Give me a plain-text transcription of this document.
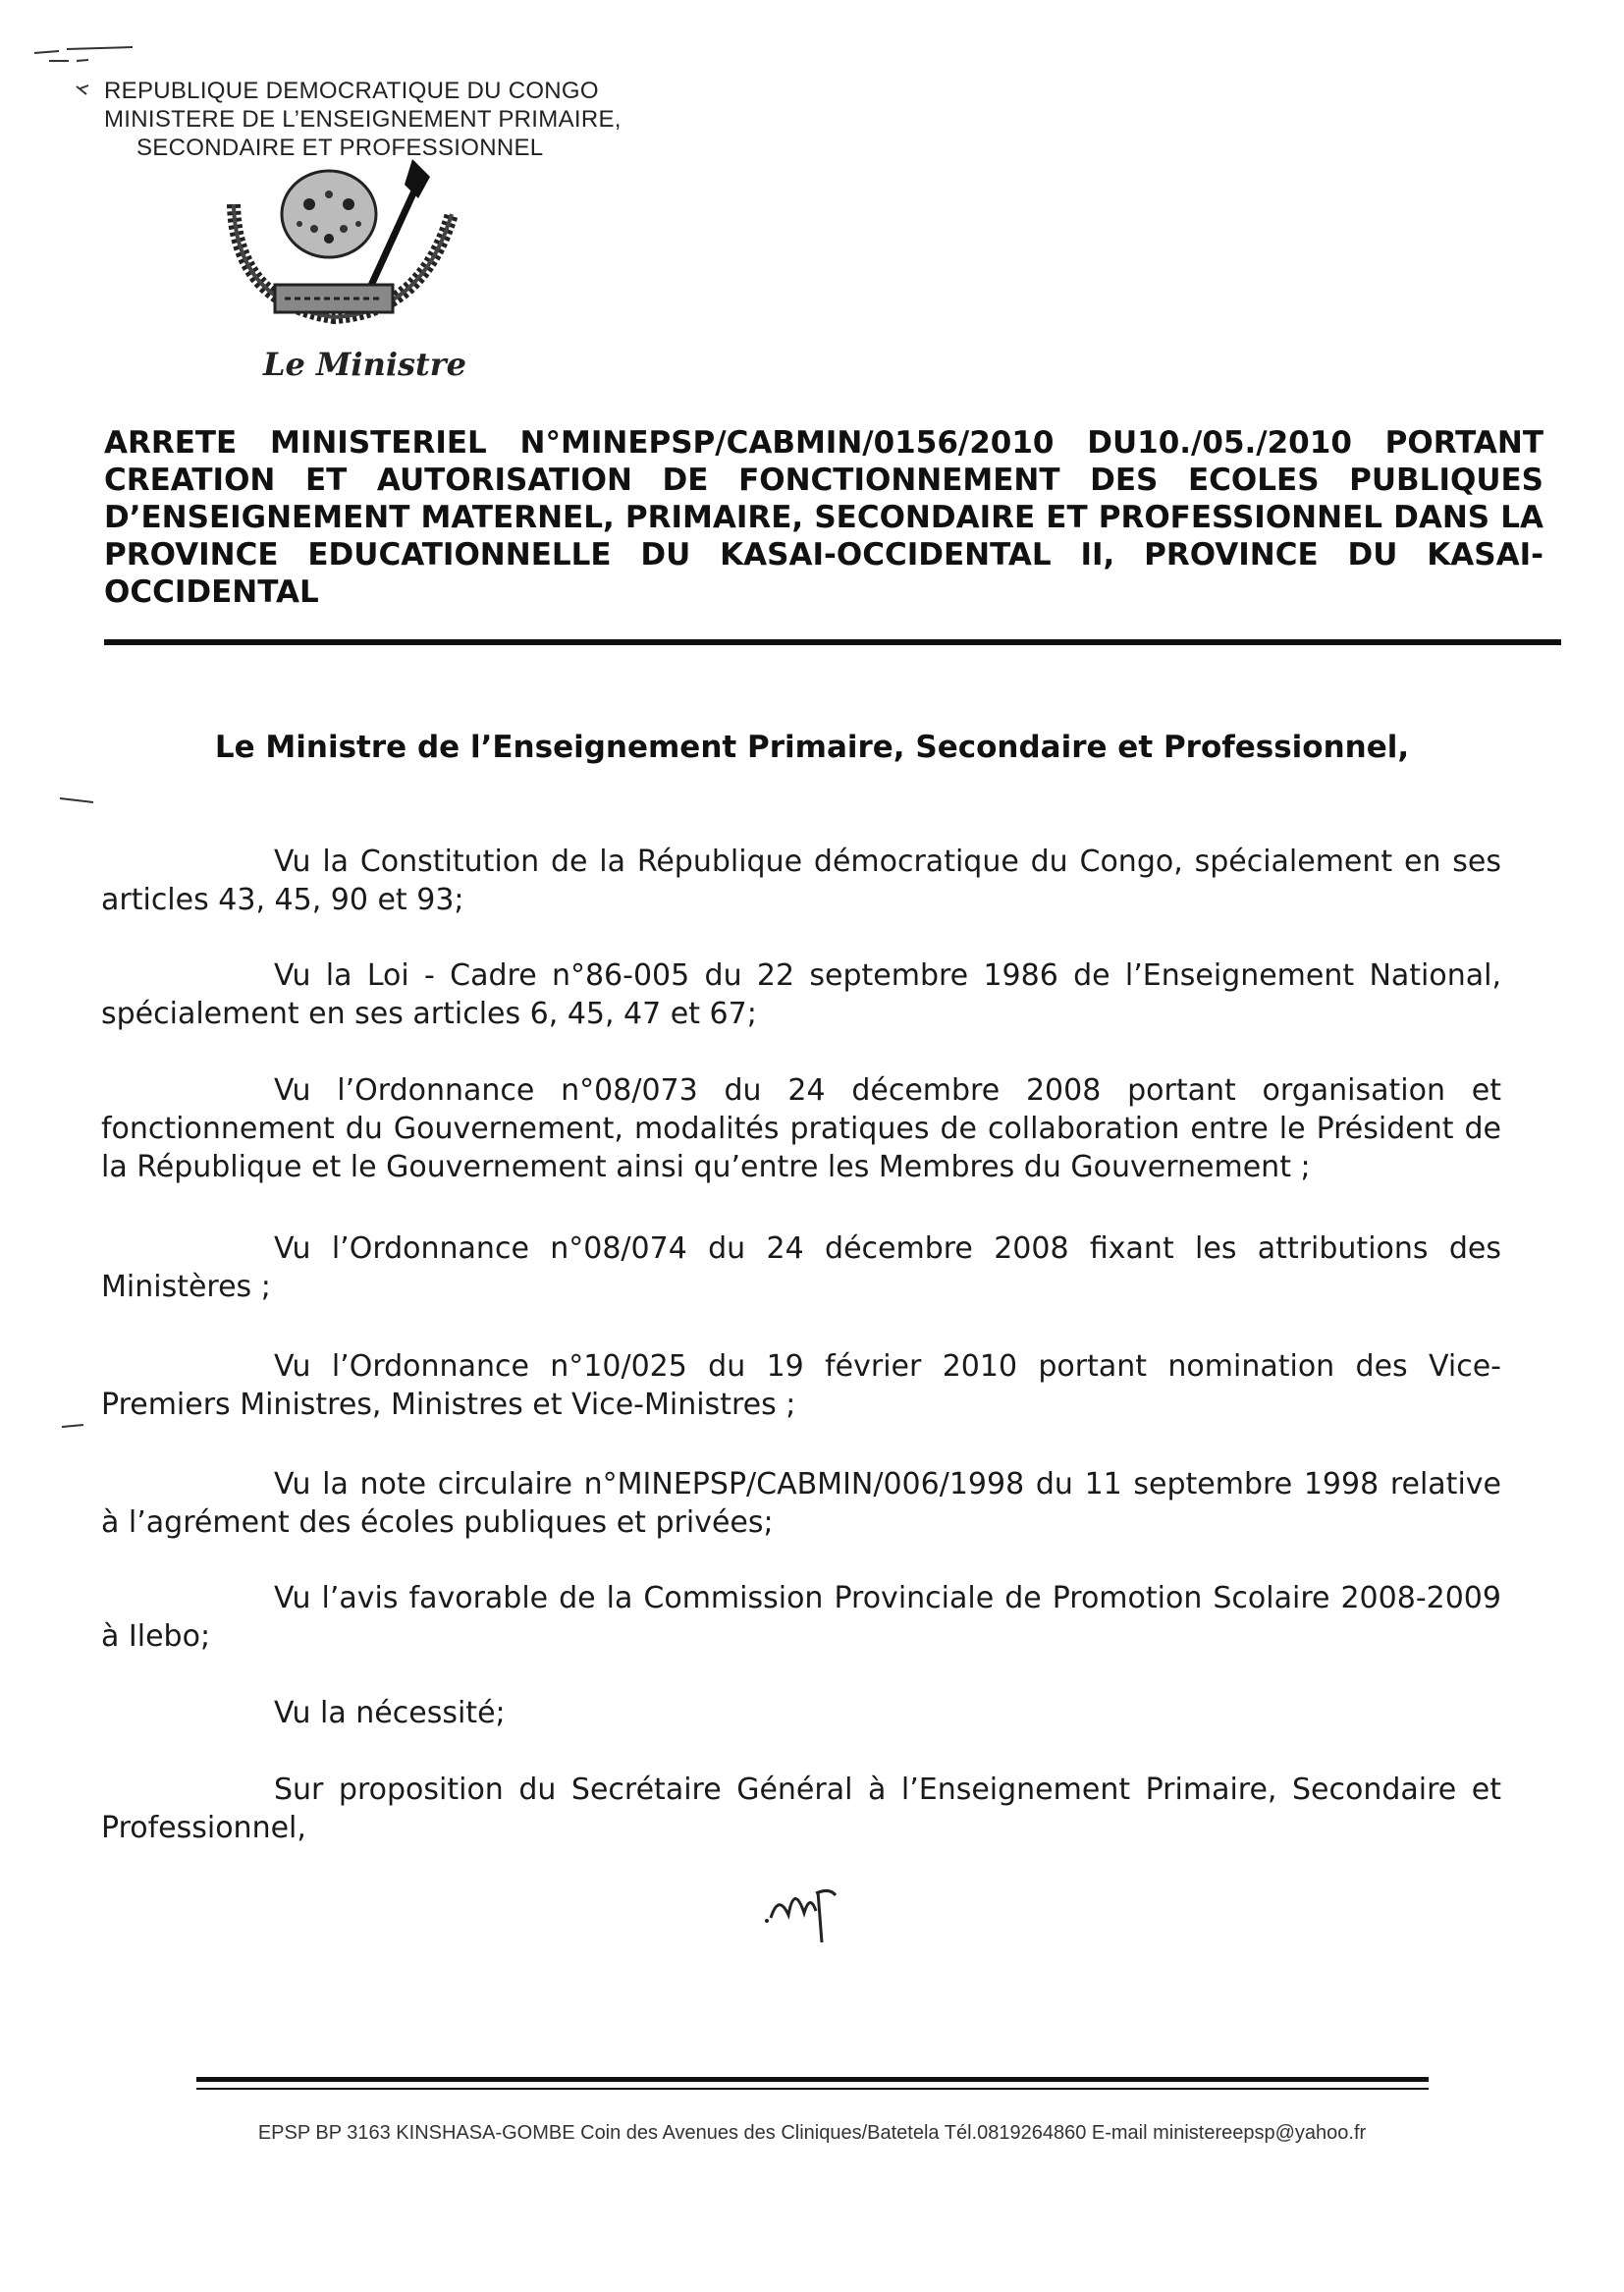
REPUBLIQUE DEMOCRATIQUE DU CONGO
MINISTERE DE L’ENSEIGNEMENT PRIMAIRE,
SECONDAIRE ET PROFESSIONNEL
Le Ministre
ARRETE MINISTERIEL N°MINEPSP/CABMIN/0156/2010 DU10./05./2010 PORTANT CREATION ET AUTORISATION DE FONCTIONNEMENT DES ECOLES PUBLIQUES D’ENSEIGNEMENT MATERNEL, PRIMAIRE, SECONDAIRE ET PROFESSIONNEL DANS LA PROVINCE EDUCATIONNELLE DU KASAI-OCCIDENTAL II, PROVINCE DU KASAI-OCCIDENTAL
Le Ministre de l’Enseignement Primaire, Secondaire et Professionnel,
Vu la Constitution de la République démocratique du Congo, spécialement en ses articles 43, 45, 90 et 93;
Vu la Loi - Cadre n°86-005 du 22 septembre 1986 de l’Enseignement National, spécialement en ses articles 6, 45, 47 et 67;
Vu l’Ordonnance n°08/073 du 24 décembre 2008 portant organisation et fonctionnement du Gouvernement, modalités pratiques de collaboration entre le Président de la République et le Gouvernement ainsi qu’entre les Membres du Gouvernement ;
Vu l’Ordonnance n°08/074 du 24 décembre 2008 fixant les attributions des Ministères ;
Vu l’Ordonnance n°10/025 du 19 février 2010 portant nomination des Vice-Premiers Ministres, Ministres et Vice-Ministres ;
Vu la note circulaire n°MINEPSP/CABMIN/006/1998 du 11 septembre 1998 relative à l’agrément des écoles publiques et privées;
Vu l’avis favorable de la Commission Provinciale de Promotion Scolaire 2008-2009 à Ilebo;
Vu la nécessité;
Sur proposition du Secrétaire Général à l’Enseignement Primaire, Secondaire et Professionnel,
EPSP BP 3163 KINSHASA-GOMBE Coin des Avenues des Cliniques/Batetela Tél.0819264860 E-mail ministereepsp@yahoo.fr
